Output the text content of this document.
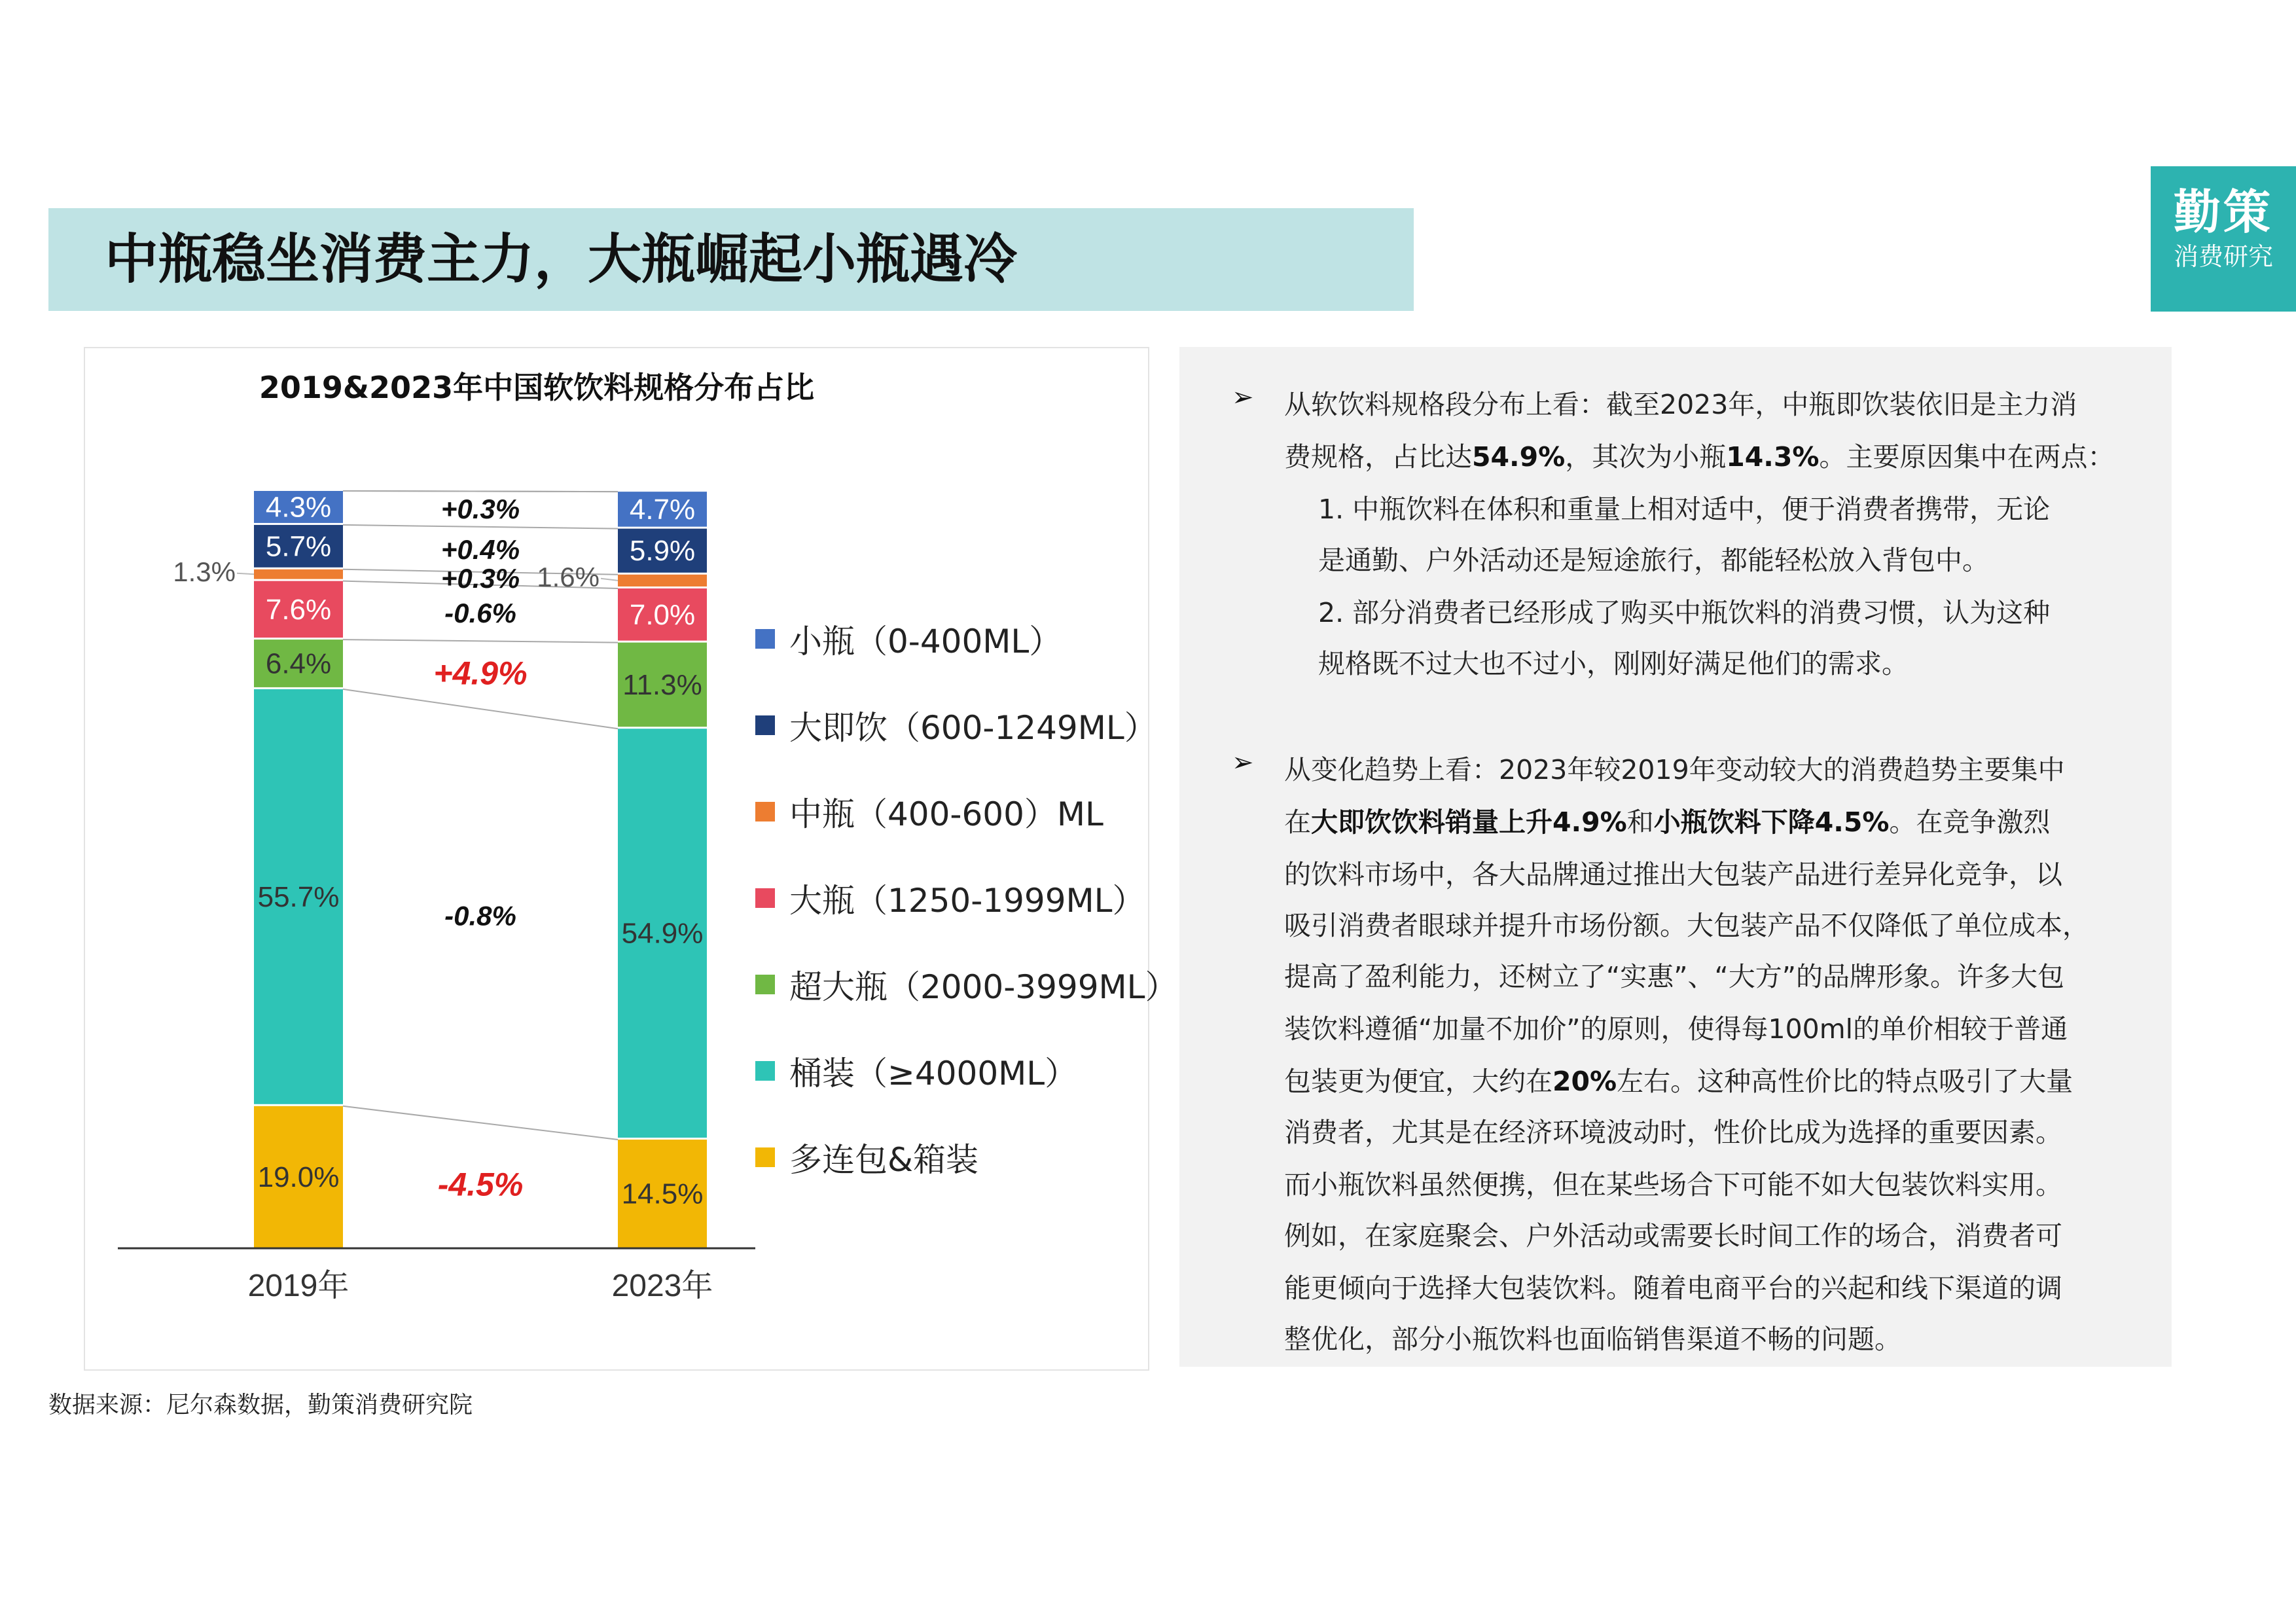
中瓶稳坐消费主力，大瓶崛起小瓶遇冷
勤策
消费研究
2019&2023年中国软饮料规格分布占比
19.0%
55.7%
6.4%
7.6%
1.3%
5.7%
4.3%
2019年
14.5%
54.9%
11.3%
7.0%
1.6%
5.9%
4.7%
2023年
-4.5%
-0.8%
+4.9%
-0.6%
+0.3%
+0.4%
+0.3%
小瓶（0-400ML）
大即饮（600-1249ML）
中瓶（400-600）ML
大瓶（1250-1999ML）
超大瓶（2000-3999ML）
桶装（≥4000ML）
多连包&箱装
数据来源：尼尔森数据，勤策消费研究院
➢ 从软饮料规格段分布上看：截至2023年，中瓶即饮装依旧是主力消
费规格，占比达54.9%，其次为小瓶14.3%。主要原因集中在两点：
1. 中瓶饮料在体积和重量上相对适中，便于消费者携带，无论
是通勤、户外活动还是短途旅行，都能轻松放入背包中。
2. 部分消费者已经形成了购买中瓶饮料的消费习惯，认为这种
规格既不过大也不过小，刚刚好满足他们的需求。
➢ 从变化趋势上看：2023年较2019年变动较大的消费趋势主要集中
在大即饮饮料销量上升4.9%和小瓶饮料下降4.5%。在竞争激烈
的饮料市场中，各大品牌通过推出大包装产品进行差异化竞争，以
吸引消费者眼球并提升市场份额。大包装产品不仅降低了单位成本，
提高了盈利能力，还树立了“实惠”、“大方”的品牌形象。许多大包
装饮料遵循“加量不加价”的原则，使得每100ml的单价相较于普通
包装更为便宜，大约在20%左右。这种高性价比的特点吸引了大量
消费者，尤其是在经济环境波动时，性价比成为选择的重要因素。
而小瓶饮料虽然便携，但在某些场合下可能不如大包装饮料实用。
例如，在家庭聚会、户外活动或需要长时间工作的场合，消费者可
能更倾向于选择大包装饮料。随着电商平台的兴起和线下渠道的调
整优化，部分小瓶饮料也面临销售渠道不畅的问题。
